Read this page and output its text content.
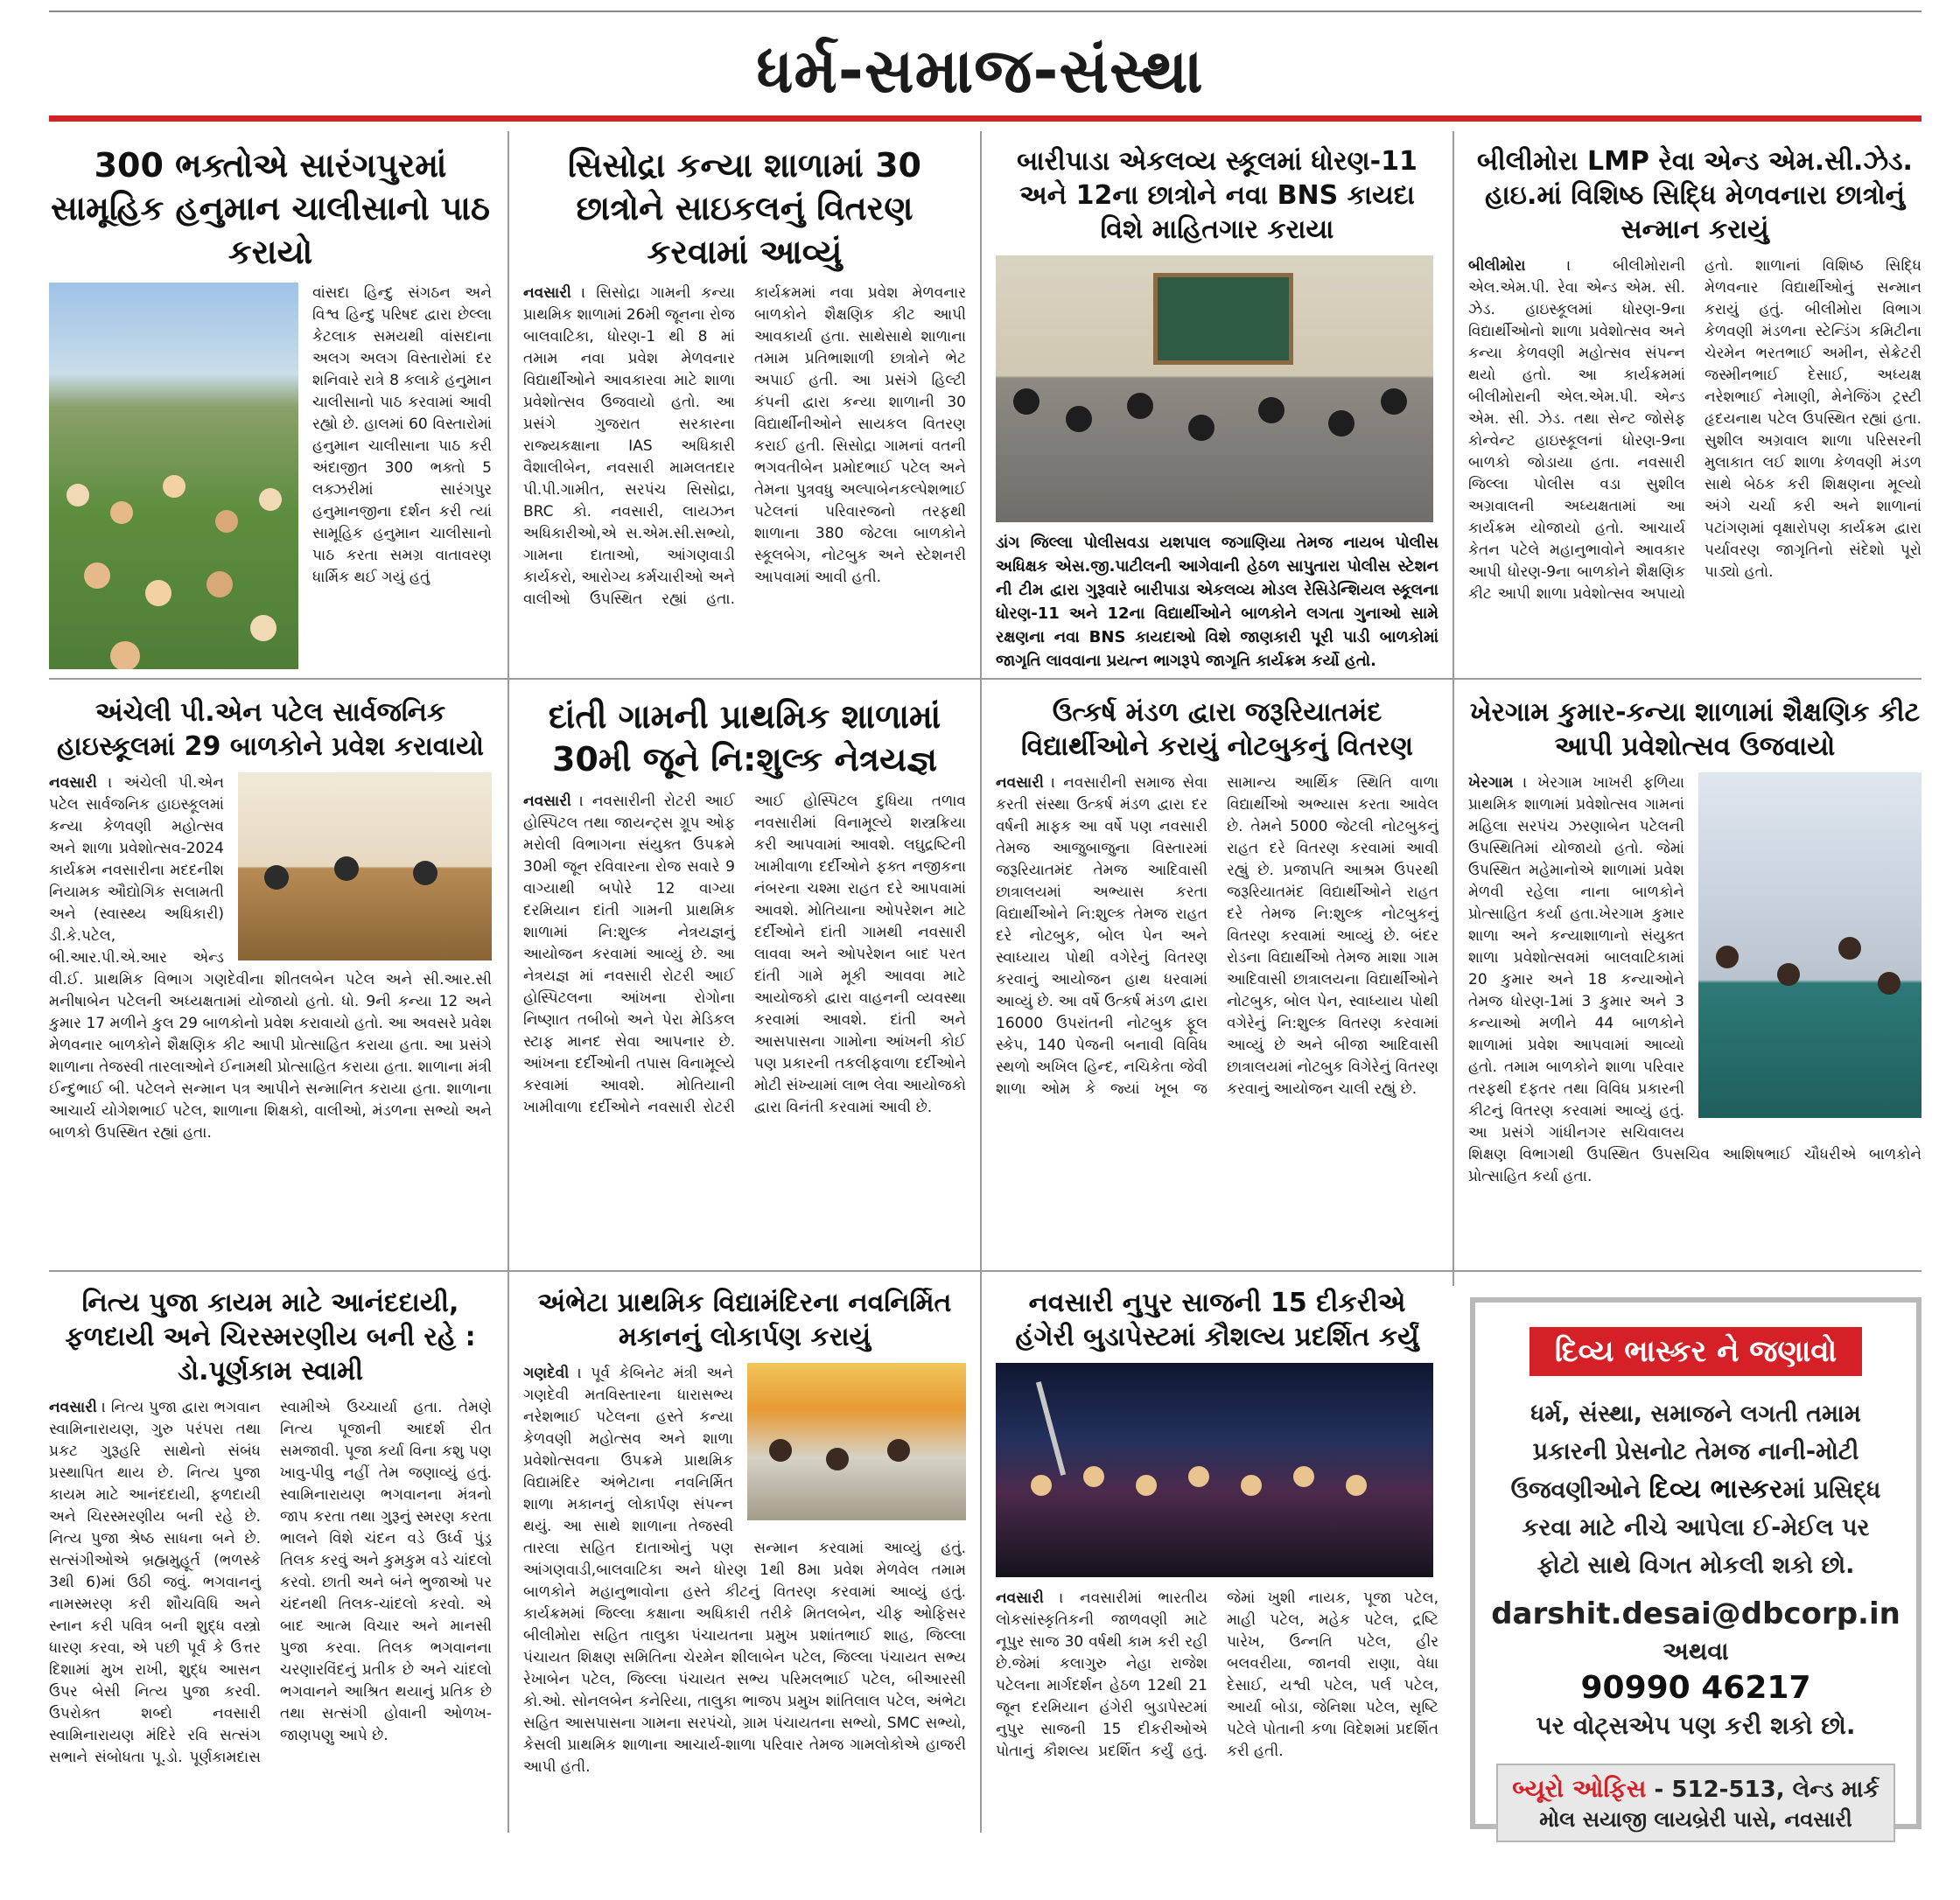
ધર્મ-સમાજ-સંસ્થા
300 ભક્તોએ સારંગપુરમાં સામૂહિક હનુમાન ચાલીસાનો પાઠ કરાયો
વાંસદા હિન્દુ સંગઠન અને વિશ્વ હિન્દુ પરિષદ દ્વારા છેલ્લા કેટલાક સમયથી વાંસદાના અલગ અલગ વિસ્તારોમાં દર શનિવારે રાત્રે 8 કલાકે હનુમાન ચાલીસાનો પાઠ કરવામાં આવી રહ્યો છે. હાલમાં 60 વિસ્તારોમાં હનુમાન ચાલીસાના પાઠ કરી અંદાજીત 300 ભક્તો 5 લક્ઝરીમાં સારંગપુર હનુમાનજીના દર્શન કરી ત્યાં સામૂહિક હનુમાન ચાલીસાનો પાઠ કરતા સમગ્ર વાતાવરણ ધાર્મિક થઈ ગયું હતું
સિસોદ્રા કન્યા શાળામાં 30 છાત્રોને સાઇકલનું વિતરણ કરવામાં આવ્યું
નવસારી । સિસોદ્રા ગામની કન્યા પ્રાથમિક શાળામાં 26મી જૂનના રોજ બાલવાટિકા, ધોરણ-1 થી 8 માં તમામ નવા પ્રવેશ મેળવનાર વિદ્યાર્થીઓને આવકારવા માટે શાળા પ્રવેશોત્સવ ઉજવાયો હતો. આ પ્રસંગે ગુજરાત સરકારના રાજ્યકક્ષાના IAS અધિકારી વૈશાલીબેન, નવસારી મામલતદાર પી.પી.ગામીત, સરપંચ સિસોદ્રા, BRC કો. નવસારી, લાયઝન અધિકારીઓ,એ સ.એમ.સી.સભ્યો, ગામના દાતાઓ, આંગણવાડી કાર્યકરો, આરોગ્ય કર્મચારીઓ અને વાલીઓ ઉપસ્થિત રહ્યાં હતા. કાર્યક્રમમાં નવા પ્રવેશ મેળવનાર બાળકોને શૈક્ષણિક કીટ આપી આવકાર્યા હતા. સાથેસાથે શાળાના તમામ પ્રતિભાશાળી છાત્રોને ભેટ અપાઈ હતી. આ પ્રસંગે હિલ્ટી કંપની દ્વારા કન્યા શાળાની 30 વિદ્યાર્થીનીઓને સાયકલ વિતરણ કરાઈ હતી. સિસોદ્રા ગામનાં વતની ભગવતીબેન પ્રમોદભાઈ પટેલ અને તેમના પુત્રવધુ અલ્પાબેનકલ્પેશભાઈ પટેલનાં પરિવારજનો તરફથી શાળાના 380 જેટલા બાળકોને સ્કૂલબેગ, નોટબુક અને સ્ટેશનરી આપવામાં આવી હતી.
બારીપાડા એકલવ્ય સ્કૂલમાં ધોરણ-11 અને 12ના છાત્રોને નવા BNS કાયદા વિશે માહિતગાર કરાયા
ડાંગ જિલ્લા પોલીસવડા યશપાલ જગાણિયા તેમજ નાયબ પોલીસ અધિક્ષક એસ.જી.પાટીલની આગેવાની હેઠળ સાપુતારા પોલીસ સ્ટેશન ની ટીમ દ્વારા ગુરૂવારે બારીપાડા એકલવ્ય મોડલ રેસિડેન્શિયલ સ્કૂલના ધોરણ-11 અને 12ના વિદ્યાર્થીઓને બાળકોને લગતા ગુનાઓ સામે રક્ષણના નવા BNS કાયદાઓ વિશે જાણકારી પૂરી પાડી બાળકોમાં જાગૃતિ લાવવાના પ્રયત્ન ભાગરૂપે જાગૃતિ કાર્યક્રમ કર્યો હતો.
બીલીમોરા LMP રેવા એન્ડ એમ.સી.ઝેડ. હાઇ.માં વિશિષ્ઠ સિદ્ધિ મેળવનારા છાત્રોનું સન્માન કરાયું
બીલીમોરા । બીલીમોરાની એલ.એમ.પી. રેવા એન્ડ એમ. સી. ઝેડ. હાઇસ્કૂલમાં ધોરણ-9ના વિદ્યાર્થીઓનો શાળા પ્રવેશોત્સવ અને કન્યા કેળવણી મહોત્સવ સંપન્ન થયો હતો. આ કાર્યક્રમમાં બીલીમોરાની એલ.એમ.પી. એન્ડ એમ. સી. ઝેડ. તથા સેન્ટ જોસેફ કોન્વેન્ટ હાઇસ્કૂલનાં ધોરણ-9ના બાળકો જોડાયા હતા. નવસારી જિલ્લા પોલીસ વડા સુશીલ અગ્રવાલની અધ્યક્ષતામાં આ કાર્યક્રમ યોજાયો હતો. આચાર્ય કેતન પટેલે મહાનુભાવોને આવકાર આપી ધોરણ-9ના બાળકોને શૈક્ષણિક કીટ આપી શાળા પ્રવેશોત્સવ અપાયો હતો. શાળાનાં વિશિષ્ઠ સિદ્ધિ મેળવનાર વિદ્યાર્થીઓનું સન્માન કરાયું હતું. બીલીમોરા વિભાગ કેળવણી મંડળના સ્ટેન્ડિંગ કમિટીના ચેરમેન ભરતભાઈ અમીન, સેક્રેટરી જસ્મીનભાઈ દેસાઈ, અધ્યક્ષ નરેશભાઈ નેમાણી, મેનેજિંગ ટ્રસ્ટી હૃદયનાથ પટેલ ઉપસ્થિત રહ્યાં હતા. સુશીલ અગ્રવાલ શાળા પરિસરની મુલાકાત લઈ શાળા કેળવણી મંડળ સાથે બેઠક કરી શિક્ષણના મૂલ્યો અંગે ચર્ચા કરી અને શાળાનાં પટાંગણમાં વૃક્ષારોપણ કાર્યક્રમ દ્વારા પર્યાવરણ જાગૃતિનો સંદેશો પૂરો પાડ્યો હતો.
અંચેલી પી.એન પટેલ સાર્વજનિક હાઇસ્કૂલમાં 29 બાળકોને પ્રવેશ કરાવાયો
નવસારી । અંચેલી પી.એન પટેલ સાર્વજનિક હાઇસ્કૂલમાં કન્યા કેળવણી મહોત્સવ અને શાળા પ્રવેશોત્સવ-2024 કાર્યક્રમ નવસારીના મદદનીશ નિયામક ઔદ્યોગિક સલામતી અને (સ્વાસ્થ્ય અધિકારી) ડી.કે.પટેલ, બી.આર.પી.એ.આર એન્ડ વી.ઈ. પ્રાથમિક વિભાગ ગણદેવીના શીતલબેન પટેલ અને સી.આર.સી મનીષાબેન પટેલની અધ્યક્ષતામાં યોજાયો હતો. ધો. 9ની કન્યા 12 અને કુમાર 17 મળીને કુલ 29 બાળકોનો પ્રવેશ કરાવાયો હતો. આ અવસરે પ્રવેશ મેળવનાર બાળકોને શૈક્ષણિક કીટ આપી પ્રોત્સાહિત કરાયા હતા. આ પ્રસંગે શાળાના તેજસ્વી તારલાઓને ઈનામથી પ્રોત્સાહિત કરાયા હતા. શાળાના મંત્રી ઈન્દુભાઈ બી. પટેલને સન્માન પત્ર આપીને સન્માનિત કરાયા હતા. શાળાના આચાર્ય યોગેશભાઈ પટેલ, શાળાના શિક્ષકો, વાલીઓ, મંડળના સભ્યો અને બાળકો ઉપસ્થિત રહ્યાં હતા.
દાંતી ગામની પ્રાથમિક શાળામાં 30મી જૂને નિ:શુલ્ક નેત્રયજ્ઞ
નવસારી । નવસારીની રોટરી આઈ હોસ્પિટલ તથા જાયન્ટ્સ ગ્રૂપ ઓફ મરોલી વિભાગના સંયુક્ત ઉપક્રમે 30મી જૂન રવિવારના રોજ સવારે 9 વાગ્યાથી બપોરે 12 વાગ્યા દરમિયાન દાંતી ગામની પ્રાથમિક શાળામાં નિ:શુલ્ક નેત્રયજ્ઞનું આયોજન કરવામાં આવ્યું છે. આ નેત્રયજ્ઞ માં નવસારી રોટરી આઈ હોસ્પિટલના આંખના રોગોના નિષ્ણાત તબીબો અને પેરા મેડિકલ સ્ટાફ માનદ સેવા આપનાર છે. આંખના દર્દીઓની તપાસ વિનામૂલ્યે કરવામાં આવશે. મોતિયાની ખામીવાળા દર્દીઓને નવસારી રોટરી આઈ હોસ્પિટલ દુધિયા તળાવ નવસારીમાં વિનામૂલ્યે શસ્ત્રક્રિયા કરી આપવામાં આવશે. લઘુદ્રષ્ટિની ખામીવાળા દર્દીઓને ફક્ત નજીકના નંબરના ચશ્મા રાહત દરે આપવામાં આવશે. મોતિયાના ઓપરેશન માટે દર્દીઓને દાંતી ગામથી નવસારી લાવવા અને ઓપરેશન બાદ પરત દાંતી ગામે મૂકી આવવા માટે આયોજકો દ્વારા વાહનની વ્યવસ્થા કરવામાં આવશે. દાંતી અને આસપાસના ગામોના આંખની કોઈ પણ પ્રકારની તકલીફવાળા દર્દીઓને મોટી સંખ્યામાં લાભ લેવા આયોજકો દ્વારા વિનંતી કરવામાં આવી છે.
ઉત્કર્ષ મંડળ દ્વારા જરૂરિયાતમંદ વિદ્યાર્થીઓને કરાયું નોટબુકનું વિતરણ
નવસારી । નવસારીની સમાજ સેવા કરતી સંસ્થા ઉત્કર્ષ મંડળ દ્વારા દર વર્ષની માફક આ વર્ષે પણ નવસારી તેમજ આજુબાજુના વિસ્તારમાં જરૂરિયાતમંદ તેમજ આદિવાસી છાત્રાલયમાં અભ્યાસ કરતા વિદ્યાર્થીઓને નિ:શુલ્ક તેમજ રાહત દરે નોટબુક, બોલ પેન અને સ્વાધ્યાય પોથી વગેરેનું વિતરણ કરવાનું આયોજન હાથ ધરવામાં આવ્યું છે. આ વર્ષે ઉત્કર્ષ મંડળ દ્વારા 16000 ઉપરાંતની નોટબુક ફૂલ સ્કેપ, 140 પેજની બનાવી વિવિધ સ્થળો અખિલ હિન્દ, નચિકેતા જેવી શાળા ઓમ કે જ્યાં ખૂબ જ સામાન્ય આર્થિક સ્થિતિ વાળા વિદ્યાર્થીઓ અભ્યાસ કરતા આવેલ છે. તેમને 5000 જેટલી નોટબુકનું રાહત દરે વિતરણ કરવામાં આવી રહ્યું છે. પ્રજાપતિ આશ્રમ ઉપરથી જરૂરિયાતમંદ વિદ્યાર્થીઓને રાહત દરે તેમજ નિ:શુલ્ક નોટબુકનું વિતરણ કરવામાં આવ્યું છે. બંદર રોડના વિદ્યાર્થીઓ તેમજ માશા ગામ આદિવાસી છાત્રાલયના વિદ્યાર્થીઓને નોટબુક, બોલ પેન, સ્વાધ્યાય પોથી વગેરેનું નિ:શુલ્ક વિતરણ કરવામાં આવ્યું છે અને બીજા આદિવાસી છાત્રાલયમાં નોટબુક વિગેરેનું વિતરણ કરવાનું આયોજન ચાલી રહ્યું છે.
ખેરગામ કુમાર-કન્યા શાળામાં શૈક્ષણિક કીટ આપી પ્રવેશોત્સવ ઉજવાયો
ખેરગામ । ખેરગામ ખાખરી ફળિયા પ્રાથમિક શાળામાં પ્રવેશોત્સવ ગામનાં મહિલા સરપંચ ઝરણાબેન પટેલની ઉપસ્થિતિમાં યોજાયો હતો. જેમાં ઉપસ્થિત મહેમાનોએ શાળામાં પ્રવેશ મેળવી રહેલા નાના બાળકોને પ્રોત્સાહિત કર્યા હતા.ખેરગામ કુમાર શાળા અને કન્યાશાળાનો સંયુક્ત શાળા પ્રવેશોત્સવમાં બાલવાટિકામાં 20 કુમાર અને 18 કન્યાઓને તેમજ ધોરણ-1માં 3 કુમાર અને 3 કન્યાઓ મળીને 44 બાળકોને શાળામાં પ્રવેશ આપવામાં આવ્યો હતો. તમામ બાળકોને શાળા પરિવાર તરફથી દફતર તથા વિવિધ પ્રકારની કીટનું વિતરણ કરવામાં આવ્યું હતું. આ પ્રસંગે ગાંધીનગર સચિવાલય શિક્ષણ વિભાગથી ઉપસ્થિત ઉપસચિવ આશિષભાઈ ચૌધરીએ બાળકોને પ્રોત્સાહિત કર્યા હતા.
નિત્ય પુજા કાયમ માટે આનંદદાયી, ફળદાયી અને ચિરસ્મરણીય બની રહે : ડો.પૂર્ણકામ સ્વામી
નવસારી । નિત્ય પુજા દ્વારા ભગવાન સ્વામિનારાયણ, ગુરુ પરંપરા તથા પ્રકટ ગુરૂહરિ સાથેનો સંબંધ પ્રસ્થાપિત થાય છે. નિત્ય પુજા કાયમ માટે આનંદદાયી, ફળદાયી અને ચિરસ્મરણીય બની રહે છે. નિત્ય પુજા શ્રેષ્ઠ સાધના બને છે. સત્સંગીઓએ બ્રહ્મમુહૂર્ત (ભળસ્કે 3થી 6)માં ઉઠી જવું. ભગવાનનું નામસ્મરણ કરી શૌચવિધિ અને સ્નાન કરી પવિત્ર બની શુદ્ધ વસ્ત્રો ધારણ કરવા, એ પછી પૂર્વ કે ઉત્તર દિશામાં મુખ રાખી, શુદ્ધ આસન ઉપર બેસી નિત્ય પુજા કરવી. ઉપરોક્ત શબ્દો નવસારી સ્વામિનારાયણ મંદિરે રવિ સત્સંગ સભાને સંબોધતા પૂ.ડો. પૂર્ણકામદાસ સ્વામીએ ઉચ્ચાર્યા હતા. તેમણે નિત્ય પૂજાની આદર્શ રીત સમજાવી. પૂજા કર્યા વિના કશુ પણ ખાવુ-પીવુ નહીં તેમ જણાવ્યું હતું. સ્વામિનારાયણ ભગવાનના મંત્રનો જાપ કરતા તથા ગુરૂનું સ્મરણ કરતા ભાલને વિશે ચંદન વડે ઉર્ધ્વ પુંડ્ર તિલક કરવું અને કુમકુમ વડે ચાંદલો કરવો. છાતી અને બંને ભુજાઓ પર ચંદનથી તિલક-ચાંદલો કરવો. એ બાદ આત્મ વિચાર અને માનસી પુજા કરવા. તિલક ભગવાનના ચરણારવિંદનું પ્રતીક છે અને ચાંદલો ભગવાનને આશ્રિત થયાનું પ્રતિક છે તથા સત્સંગી હોવાની ઓળખ-જાણપણુ આપે છે.
અંભેટા પ્રાથમિક વિદ્યામંદિરના નવનિર્મિત મકાનનું લોકાર્પણ કરાયું
ગણદેવી । પૂર્વ કેબિનેટ મંત્રી અને ગણદેવી મતવિસ્તારના ધારાસભ્ય નરેશભાઈ પટેલના હસ્તે કન્યા કેળવણી મહોત્સવ અને શાળા પ્રવેશોત્સવના ઉપક્રમે પ્રાથમિક વિદ્યામંદિર અંભેટાના નવનિર્મિત શાળા મકાનનું લોકાર્પણ સંપન્ન થયું. આ સાથે શાળાના તેજસ્વી તારલા સહિત દાતાઓનું પણ સન્માન કરવામાં આવ્યું હતું. આંગણવાડી,બાલવાટિકા અને ધોરણ 1થી 8મા પ્રવેશ મેળવેલ તમામ બાળકોને મહાનુભાવોના હસ્તે કીટનું વિતરણ કરવામાં આવ્યું હતું. કાર્યક્રમમાં જિલ્લા કક્ષાના અધિકારી તરીકે મિતલબેન, ચીફ ઓફિસર બીલીમોરા સહિત તાલુકા પંચાયતના પ્રમુખ પ્રશાંતભાઈ શાહ, જિલ્લા પંચાયત શિક્ષણ સમિતિના ચેરમેન શીલાબેન પટેલ, જિલ્લા પંચાયત સભ્ય રેખાબેન પટેલ, જિલ્લા પંચાયત સભ્ય પરિમલભાઈ પટેલ, બીઆરસી કો.ઓ. સોનલબેન કનેરિયા, તાલુકા ભાજપ પ્રમુખ શાંતિલાલ પટેલ, અંભેટા સહિત આસપાસના ગામના સરપંચો, ગ્રામ પંચાયતના સભ્યો, SMC સભ્યો, કેસલી પ્રાથમિક શાળાના આચાર્ય-શાળા પરિવાર તેમજ ગામલોકોએ હાજરી આપી હતી.
નવસારી નુપુર સાજની 15 દીકરીએ હંગેરી બુડાપેસ્ટમાં કૌશલ્ય પ્રદર્શિત કર્યું
નવસારી । નવસારીમાં ભારતીય લોકસાંસ્કૃતિકની જાળવણી માટે નૂપુર સાજ 30 વર્ષથી કામ કરી રહી છે.જેમાં કલાગુરુ નેહા રાજેશ પટેલના માર્ગદર્શન હેઠળ 12થી 21 જૂન દરમિયાન હંગેરી બુડાપેસ્ટમાં નુપુર સાજની 15 દીકરીઓએ પોતાનું કૌશલ્ય પ્રદર્શિત કર્યું હતું. જેમાં ખુશી નાયક, પૂજા પટેલ, માહી પટેલ, મહેક પટેલ, દ્રષ્ટિ પારેખ, ઉન્નતિ પટેલ, હીર બલવરીયા, જાનવી રાણા, વેધા દેસાઈ, યશ્વી પટેલ, પર્લ પટેલ, આર્યા બોડા, જેનિશા પટેલ, સૃષ્ટિ પટેલે પોતાની કળા વિદેશમાં પ્રદર્શિત કરી હતી.
દિવ્ય ભાસ્કર ને જણાવો
ધર્મ, સંસ્થા, સમાજને લગતી તમામ પ્રકારની પ્રેસનોટ તેમજ નાની-મોટી ઉજવણીઓને દિવ્ય ભાસ્કરમાં પ્રસિદ્ધ કરવા માટે નીચે આપેલા ઈ-મેઈલ પર ફોટો સાથે વિગત મોકલી શકો છો.
darshit.desai@dbcorp.in
અથવા
90990 46217
પર વોટ્સએપ પણ કરી શકો છો.
બ્યૂરો ઓફિસ - 512-513, લેન્ડ માર્ક
મોલ સયાજી લાયબ્રેરી પાસે, નવસારી
